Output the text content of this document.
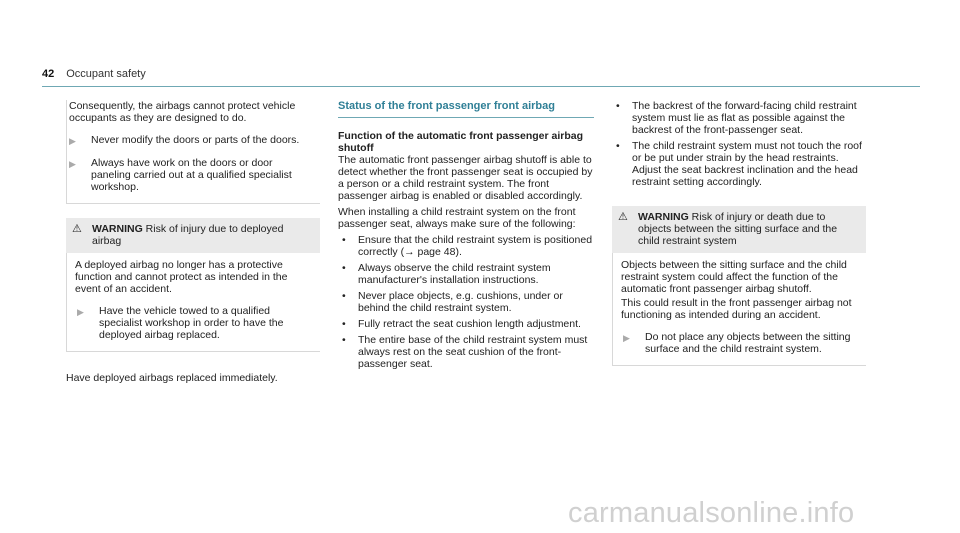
42 Occupant safety

Consequently, the airbags cannot protect vehicle occupants as they are designed to do.

▶	Never modify the doors or parts of the doors.
▶	Always have work on the doors or door paneling carried out at a qualified specialist workshop.
⚠ WARNING Risk of injury due to deployed airbag

A deployed airbag no longer has a protective function and cannot protect as intended in the event of an accident.

▶	Have the vehicle towed to a qualified specialist workshop in order to have the deployed airbag replaced.

Have deployed airbags replaced immediately.

Status of the front passenger front airbag
Function of the automatic front passenger airbag shutoff

The automatic front passenger airbag shutoff is able to detect whether the front passenger seat is occupied by a person or a child restraint system. The front passenger airbag is enabled or disabled accordingly.

When installing a child restraint system on the front passenger seat, always make sure of the following:

•	Ensure that the child restraint system is positioned correctly (→ page 48).
•	Always observe the child restraint system manufacturer's installation instructions.
•	Never place objects, e.g. cushions, under or behind the child restraint system.
•	Fully retract the seat cushion length adjustment.
•	The entire base of the child restraint system must always rest on the seat cushion of the front-passenger seat.
•	The backrest of the forward-facing child restraint system must lie as flat as possible against the backrest of the front-passenger seat.
•	The child restraint system must not touch the roof or be put under strain by the head restraints. Adjust the seat backrest inclination and the head restraint setting accordingly.
⚠ WARNING Risk of injury or death due to objects between the sitting surface and the child restraint system

Objects between the sitting surface and the child restraint system could affect the function of the automatic front passenger airbag shutoff.

This could result in the front passenger airbag not functioning as intended during an accident.

▶	Do not place any objects between the sitting surface and the child restraint system.
carmanualsonline.info
